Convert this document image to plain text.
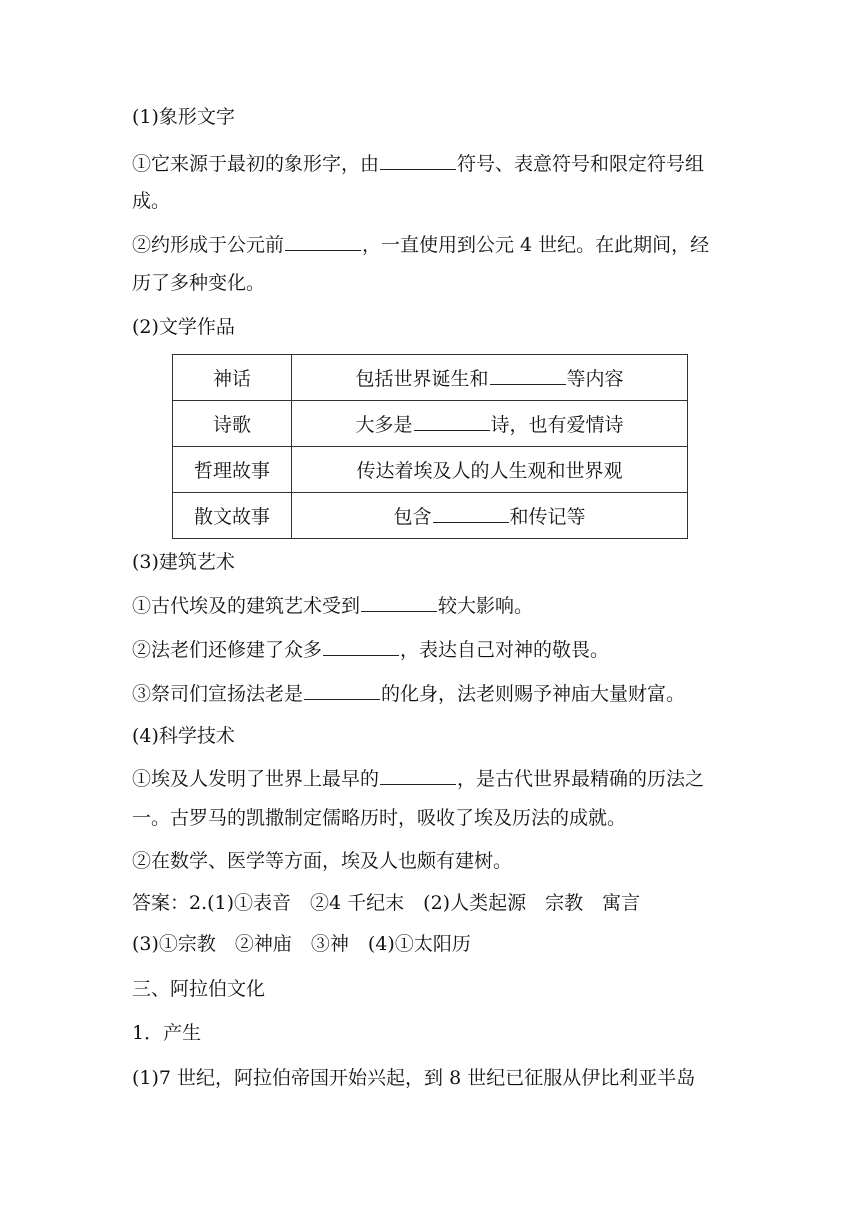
(1)象形文字
①它来源于最初的象形字，由	符号、表意符号和限定符号组
成。
②约形成于公元前	，一直使用到公元 4 世纪。在此期间，经
历了多种变化。
(2)文学作品
神话	包括世界诞生和 等内容
诗歌	大多是 诗，也有爱情诗
哲理故事	传达着埃及人的人生观和世界观
散文故事	包含 和传记等
(3)建筑艺术
①古代埃及的建筑艺术受到	较大影响。
②法老们还修建了众多	，表达自己对神的敬畏。
③祭司们宣扬法老是	的化身，法老则赐予神庙大量财富。
(4)科学技术
①埃及人发明了世界上最早的	，是古代世界最精确的历法之
一。古罗马的凯撒制定儒略历时，吸收了埃及历法的成就。
②在数学、医学等方面，埃及人也颇有建树。
答案：2.(1)①表音　②4 千纪末　(2)人类起源　宗教　寓言
(3)①宗教　②神庙　③神　(4)①太阳历
三、阿拉伯文化
1．产生
(1)7 世纪，阿拉伯帝国开始兴起，到 8 世纪已征服从伊比利亚半岛
